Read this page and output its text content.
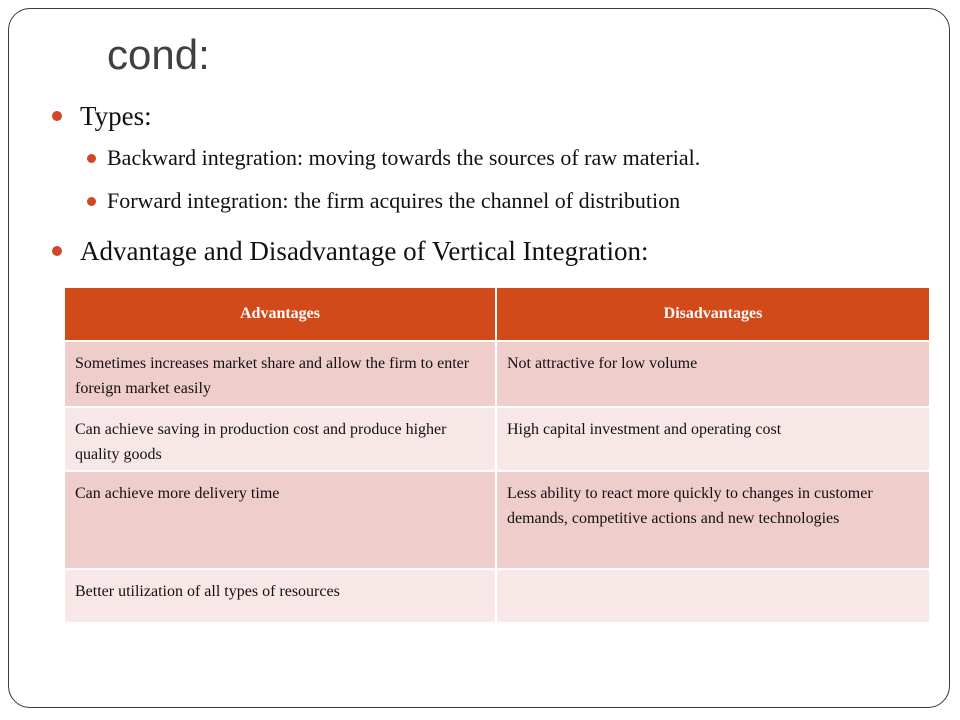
cond:
Types:
Backward integration: moving towards the sources of raw material.
Forward integration: the firm acquires the channel of distribution
Advantage and Disadvantage of Vertical Integration:
Advantages	Disadvantages
Sometimes increases market share and allow the firm to enter foreign market easily	Not attractive for low volume
Can achieve saving in production cost and produce higher quality goods	High capital investment and operating cost
Can achieve more delivery time	Less ability to react more quickly to changes in customer demands, competitive actions and new technologies
Better utilization of all types of resources	
